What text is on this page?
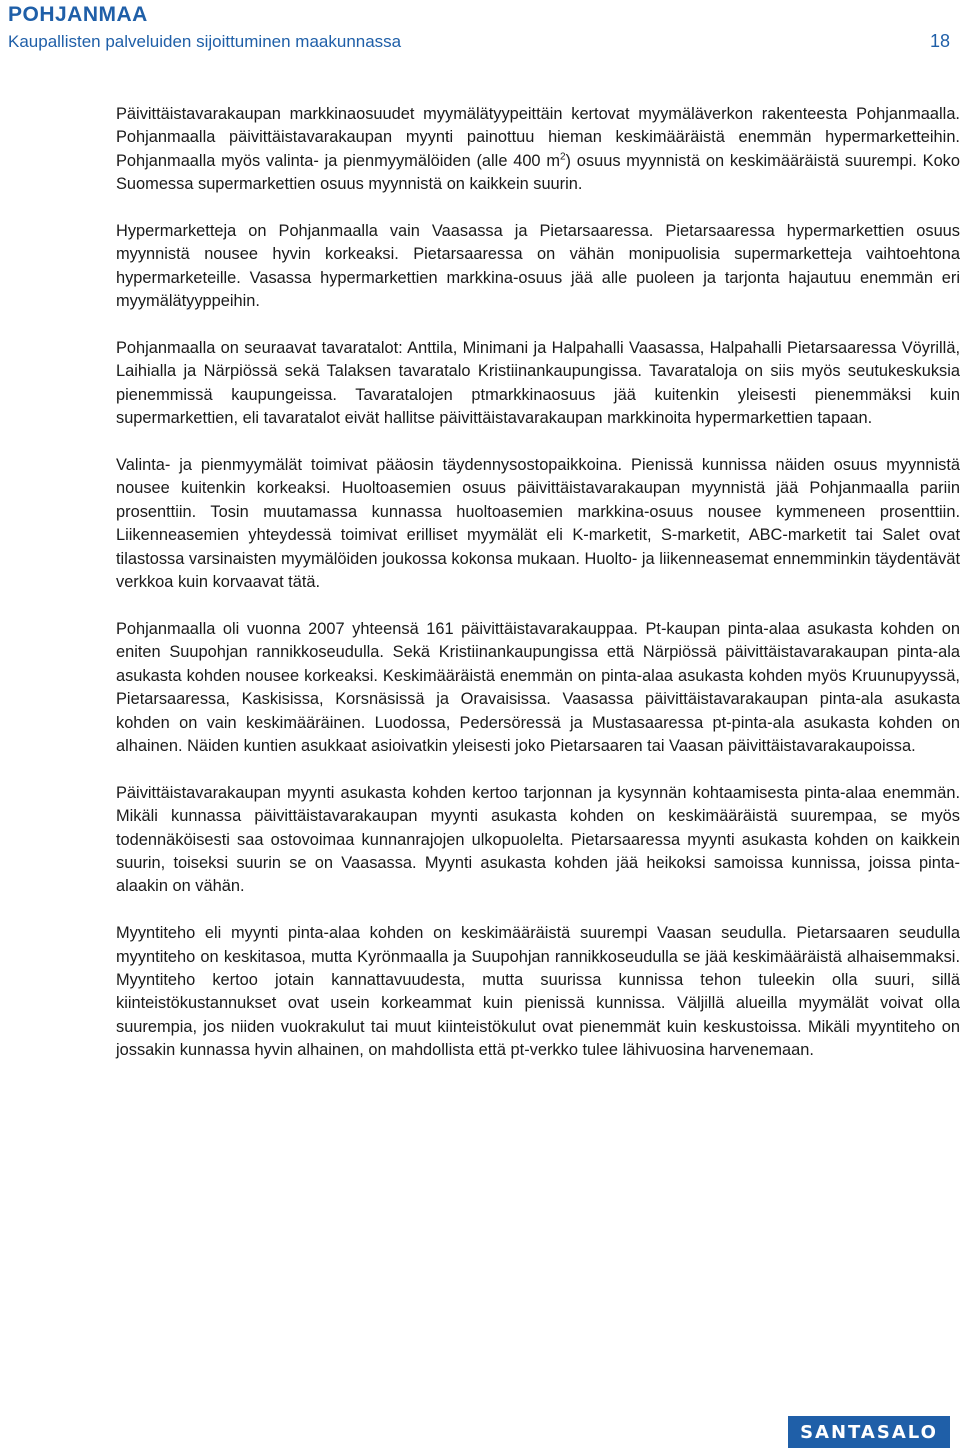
POHJANMAA
Kaupallisten palveluiden sijoittuminen maakunnassa	18

Päivittäistavarakaupan markkinaosuudet myymälätyypeittäin kertovat myymäläverkon rakenteesta Pohjanmaalla. Pohjanmaalla päivittäistavarakaupan myynti painottuu hieman keskimääräistä enemmän hypermarketteihin. Pohjanmaalla myös valinta- ja pienmyymälöiden (alle 400 $m^2$) osuus myynnistä on keskimääräistä suurempi. Koko Suomessa supermarkettien osuus myynnistä on kaikkein suurin.

Hypermarketteja on Pohjanmaalla vain Vaasassa ja Pietarsaaressa. Pietarsaaressa hypermarkettien osuus myynnistä nousee hyvin korkeaksi. Pietarsaaressa on vähän monipuolisia supermarketteja vaihtoehtona hypermarketeille. Vasassa hypermarkettien markkina-osuus jää alle puoleen ja tarjonta hajautuu enemmän eri myymälätyyppeihin.

Pohjanmaalla on seuraavat tavaratalot: Anttila, Minimani ja Halpahalli Vaasassa, Halpahalli Pietarsaaressa Vöyrillä, Laihialla ja Närpiössä sekä Talaksen tavaratalo Kristiinankaupungissa. Tavarataloja on siis myös seutukeskuksia pienemmissä kaupungeissa. Tavaratalojen ptmarkkinaosuus jää kuitenkin yleisesti pienemmäksi kuin supermarkettien, eli tavaratalot eivät hallitse päivittäistavarakaupan markkinoita hypermarkettien tapaan.

Valinta- ja pienmyymälät toimivat pääosin täydennysostopaikkoina. Pienissä kunnissa näiden osuus myynnistä nousee kuitenkin korkeaksi. Huoltoasemien osuus päivittäistavarakaupan myynnistä jää Pohjanmaalla pariin prosenttiin. Tosin muutamassa kunnassa huoltoasemien markkina-osuus nousee kymmeneen prosenttiin. Liikenneasemien yhteydessä toimivat erilliset myymälät eli K-marketit, S-marketit, ABC-marketit tai Salet ovat tilastossa varsinaisten myymälöiden joukossa kokonsa mukaan. Huolto- ja liikenneasemat ennemminkin täydentävät verkkoa kuin korvaavat tätä.

Pohjanmaalla oli vuonna 2007 yhteensä 161 päivittäistavarakauppaa. Pt-kaupan pinta-alaa asukasta kohden on eniten Suupohjan rannikkoseudulla. Sekä Kristiinankaupungissa että Närpiössä päivittäistavarakaupan pinta-ala asukasta kohden nousee korkeaksi. Keskimääräistä enemmän on pinta-alaa asukasta kohden myös Kruunupyyssä, Pietarsaaressa, Kaskisissa, Korsnäsissä ja Oravaisissa. Vaasassa päivittäistavarakaupan pinta-ala asukasta kohden on vain keskimääräinen. Luodossa, Pedersöressä ja Mustasaaressa pt-pinta-ala asukasta kohden on alhainen. Näiden kuntien asukkaat asioivatkin yleisesti joko Pietarsaaren tai Vaasan päivittäistavarakaupoissa.

Päivittäistavarakaupan myynti asukasta kohden kertoo tarjonnan ja kysynnän kohtaamisesta pinta-alaa enemmän. Mikäli kunnassa päivittäistavarakaupan myynti asukasta kohden on keskimääräistä suurempaa, se myös todennäköisesti saa ostovoimaa kunnanrajojen ulkopuolelta. Pietarsaaressa myynti asukasta kohden on kaikkein suurin, toiseksi suurin se on Vaasassa. Myynti asukasta kohden jää heikoksi samoissa kunnissa, joissa pinta-alaakin on vähän.

Myyntiteho eli myynti pinta-alaa kohden on keskimääräistä suurempi Vaasan seudulla. Pietarsaaren seudulla myyntiteho on keskitasoa, mutta Kyrönmaalla ja Suupohjan rannikkoseudulla se jää keskimääräistä alhaisemmaksi. Myyntiteho kertoo jotain kannattavuudesta, mutta suurissa kunnissa tehon tuleekin olla suuri, sillä kiinteistökustannukset ovat usein korkeammat kuin pienissä kunnissa. Väljillä alueilla myymälät voivat olla suurempia, jos niiden vuokrakulut tai muut kiinteistökulut ovat pienemmät kuin keskustoissa. Mikäli myyntiteho on jossakin kunnassa hyvin alhainen, on mahdollista että pt-verkko tulee lähivuosina harvenemaan.

SANTASALO
